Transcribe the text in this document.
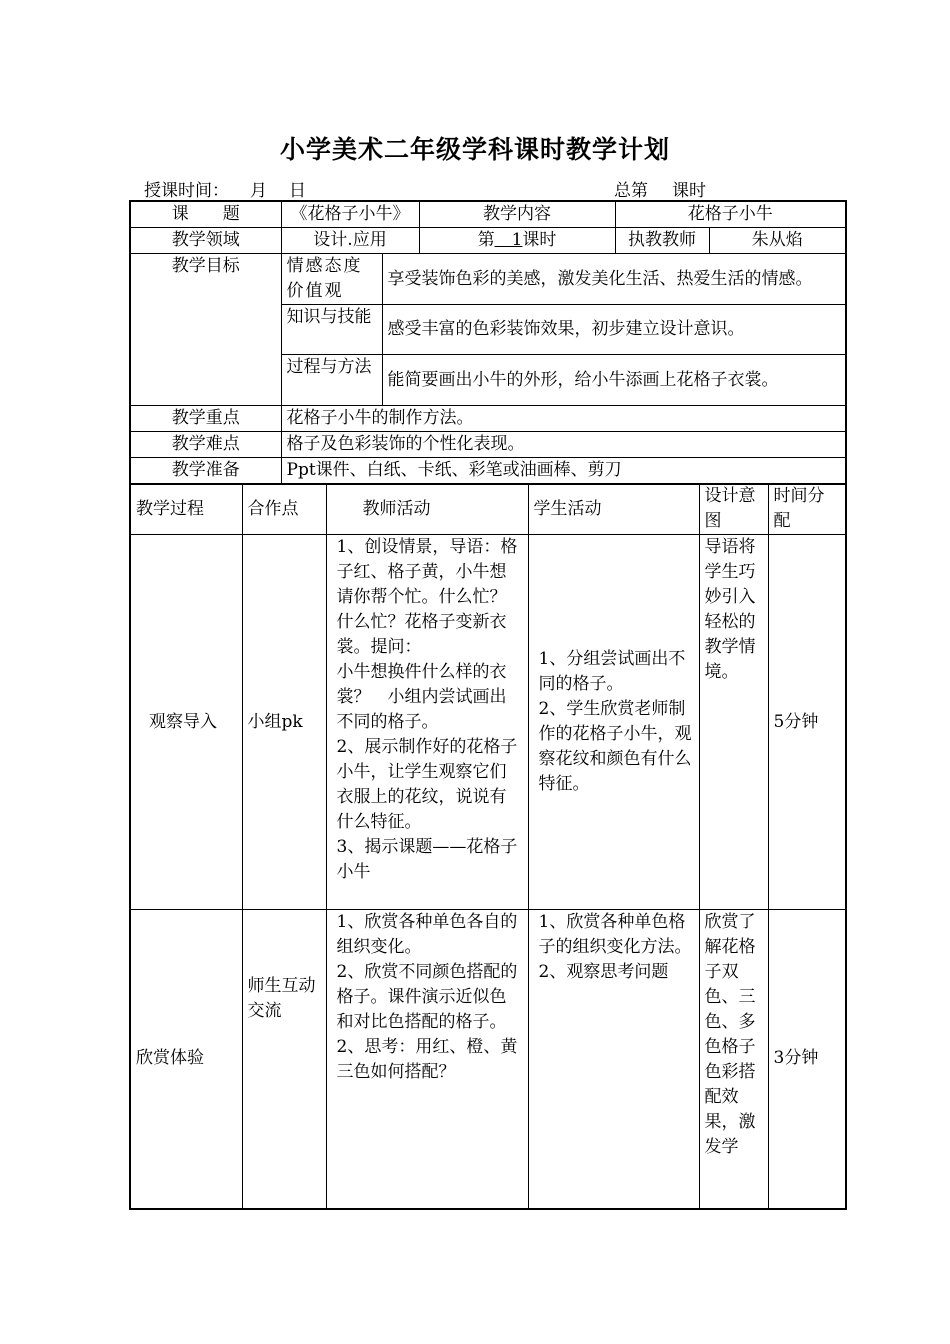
小学美术二年级学科课时教学计划
授课时间： 月 日	总第 课时
课　　题	《花格子小牛》		教学内容	花格子小牛	
教学领域	设计.应用		第  1课时	执教教师	朱从焰
教学目标	情感态度价值观	享受装饰色彩的美感，激发美化生活、热爱生活的情感。			
	知识与技能	感受丰富的色彩装饰效果，初步建立设计意识。			
	过程与方法	能简要画出小牛的外形，给小牛添画上花格子衣裳。			
教学重点	花格子小牛的制作方法。				
教学难点	格子及色彩装饰的个性化表现。				
教学准备	Ppt课件、白纸、卡纸、彩笔或油画棒、剪刀				
教学过程	合作点	教师活动	学生活动	设计意图	时间分配
观察导入	小组pk	1、创设情景，导语：格子红、格子黄，小牛想请你帮个忙。什么忙？什么忙？花格子变新衣裳。提问：
小牛想换件什么样的衣裳？　小组内尝试画出不同的格子。
2、展示制作好的花格子小牛，让学生观察它们衣服上的花纹，说说有什么特征。
3、揭示课题——花格子小牛	1、分组尝试画出不同的格子。
2、学生欣赏老师制作的花格子小牛，观察花纹和颜色有什么特征。	导语将学生巧妙引入轻松的教学情境。	5分钟
欣赏体验	师生互动交流	1、欣赏各种单色各自的组织变化。
2、欣赏不同颜色搭配的格子。课件演示近似色和对比色搭配的格子。
2、思考：用红、橙、黄三色如何搭配？	1、欣赏各种单色格子的组织变化方法。
2、观察思考问题	欣赏了解花格子双色、三色、多色格子色彩搭配效果，激发学	3分钟
